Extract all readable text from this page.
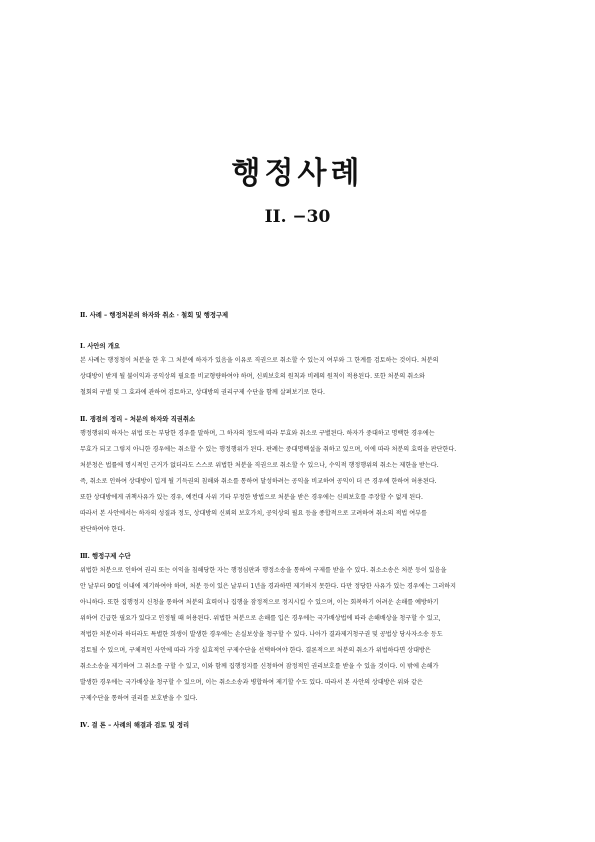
행정사례
II. −30
Ⅱ. 사례 – 행정처분의 하자와 취소 · 철회 및 행정구제
Ⅰ. 사안의 개요

본 사례는 행정청이 처분을 한 후 그 처분에 하자가 있음을 이유로 직권으로 취소할 수 있는지 여부와 그 한계를 검토하는 것이다. 처분의
상대방이 받게 될 불이익과 공익상의 필요를 비교형량하여야 하며, 신뢰보호의 원칙과 비례의 원칙이 적용된다. 또한 처분의 취소와
철회의 구별 및 그 효과에 관하여 검토하고, 상대방의 권리구제 수단을 함께 살펴보기로 한다.

Ⅱ. 쟁점의 정리 – 처분의 하자와 직권취소

행정행위의 하자는 위법 또는 부당한 경우를 말하며, 그 하자의 정도에 따라 무효와 취소로 구별된다. 하자가 중대하고 명백한 경우에는
무효가 되고 그렇지 아니한 경우에는 취소할 수 있는 행정행위가 된다. 판례는 중대명백설을 취하고 있으며, 이에 따라 처분의 효력을 판단한다.
처분청은 법률에 명시적인 근거가 없더라도 스스로 위법한 처분을 직권으로 취소할 수 있으나, 수익적 행정행위의 취소는 제한을 받는다.
즉, 취소로 인하여 상대방이 입게 될 기득권의 침해와 취소를 통하여 달성하려는 공익을 비교하여 공익이 더 큰 경우에 한하여 허용된다.
또한 상대방에게 귀책사유가 있는 경우, 예컨대 사위 기타 부정한 방법으로 처분을 받은 경우에는 신뢰보호를 주장할 수 없게 된다.
따라서 본 사안에서는 하자의 성질과 정도, 상대방의 신뢰의 보호가치, 공익상의 필요 등을 종합적으로 고려하여 취소의 적법 여부를
판단하여야 한다.

Ⅲ. 행정구제 수단

위법한 처분으로 인하여 권리 또는 이익을 침해당한 자는 행정심판과 행정소송을 통하여 구제를 받을 수 있다. 취소소송은 처분 등이 있음을
안 날부터 90일 이내에 제기하여야 하며, 처분 등이 있은 날부터 1년을 경과하면 제기하지 못한다. 다만 정당한 사유가 있는 경우에는 그러하지
아니하다. 또한 집행정지 신청을 통하여 처분의 효력이나 집행을 잠정적으로 정지시킬 수 있으며, 이는 회복하기 어려운 손해를 예방하기
위하여 긴급한 필요가 있다고 인정될 때 허용된다. 위법한 처분으로 손해를 입은 경우에는 국가배상법에 따라 손해배상을 청구할 수 있고,
적법한 처분이라 하더라도 특별한 희생이 발생한 경우에는 손실보상을 청구할 수 있다. 나아가 결과제거청구권 및 공법상 당사자소송 등도
검토될 수 있으며, 구체적인 사안에 따라 가장 실효적인 구제수단을 선택하여야 한다. 결론적으로 처분의 취소가 위법하다면 상대방은
취소소송을 제기하여 그 취소를 구할 수 있고, 이와 함께 집행정지를 신청하여 잠정적인 권리보호를 받을 수 있을 것이다. 이 밖에 손해가
발생한 경우에는 국가배상을 청구할 수 있으며, 이는 취소소송과 병합하여 제기할 수도 있다. 따라서 본 사안의 상대방은 위와 같은
구제수단을 통하여 권리를 보호받을 수 있다.

Ⅳ. 결 론 – 사례의 해결과 검토 및 정리
